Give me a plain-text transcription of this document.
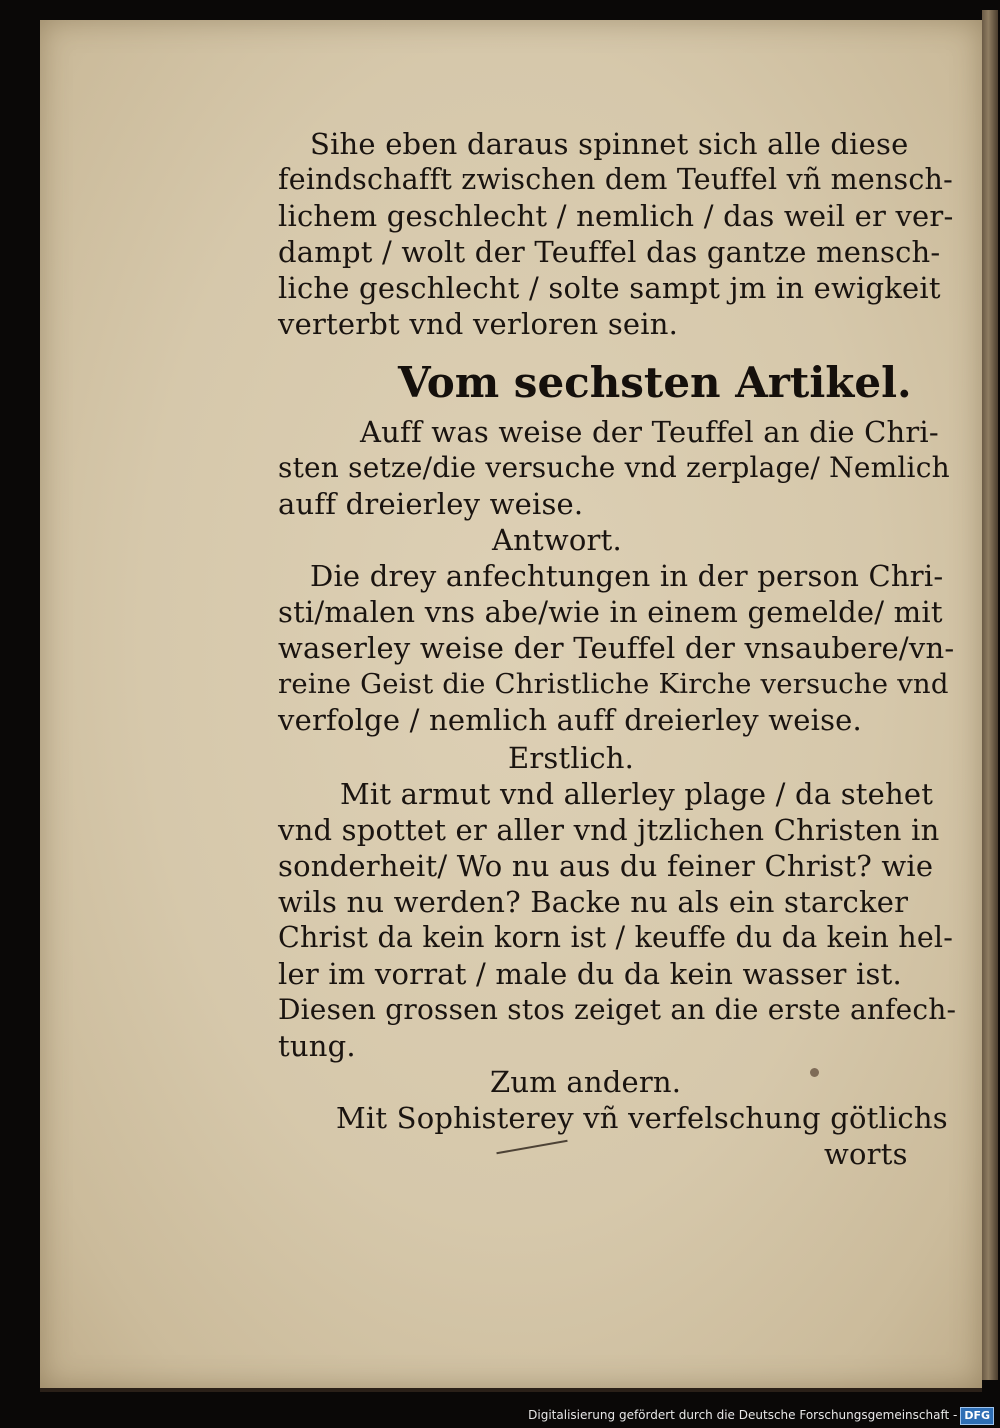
Sihe eben daraus spinnet sich alle diese
feindschafft zwischen dem Teuffel vñ mensch-
lichem geschlecht / nemlich / das weil er ver-
dampt / wolt der Teuffel das gantze mensch-
liche geschlecht / solte sampt jm in ewigkeit
verterbt vnd verloren sein.
Vom sechsten Artikel.
Auff was weise der Teuffel an die Chri-
sten setze/die versuche vnd zerplage/ Nemlich
auff dreierley weise.
Antwort.
Die drey anfechtungen in der person Chri-
sti/malen vns abe/wie in einem gemelde/ mit
waserley weise der Teuffel der vnsaubere/vn-
reine Geist die Christliche Kirche versuche vnd
verfolge / nemlich auff dreierley weise.
Erstlich.
Mit armut vnd allerley plage / da stehet
vnd spottet er aller vnd jtzlichen Christen in
sonderheit/ Wo nu aus du feiner Christ? wie
wils nu werden? Backe nu als ein starcker
Christ da kein korn ist / keuffe du da kein hel-
ler im vorrat / male du da kein wasser ist.
Diesen grossen stos zeiget an die erste anfech-
tung.
Zum andern.
Mit Sophisterey vñ verfelschung götlichs
worts
Digitalisierung gefördert durch die Deutsche Forschungsgemeinschaft - DFG
